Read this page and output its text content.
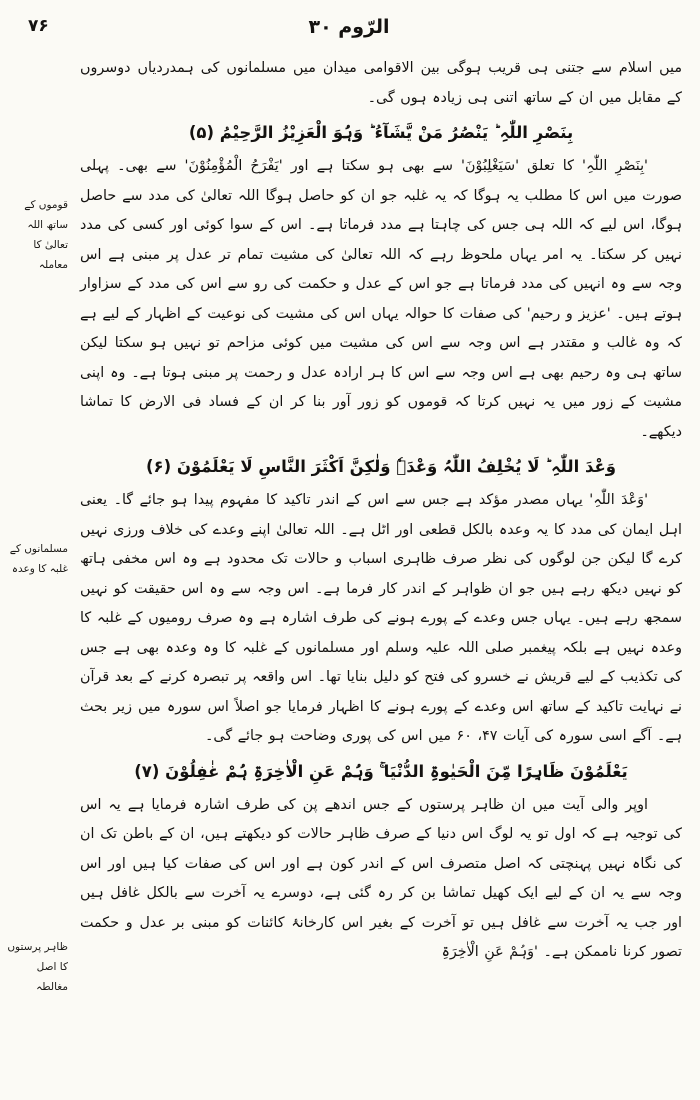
۷۶	الرّوم ۳۰
قوموں کے ساتھ اللہ تعالیٰ کا معاملہ
مسلمانوں کے غلبہ کا وعدہ
ظاہر پرستوں کا اصل مغالطہ

میں اسلام سے جتنی ہی قریب ہوگی بین الاقوامی میدان میں مسلمانوں کی ہمدردیاں دوسروں کے مقابل میں ان کے ساتھ اتنی ہی زیادہ ہوں گی۔

بِنَصْرِ اللّٰہِ ؕ یَنْصُرُ مَنْ یَّشَآءُ ؕ وَہُوَ الْعَزِیْزُ الرَّحِیْمُ (۵)

'بِنَصْرِ اللّٰہِ' کا تعلق 'سَیَغْلِبُوْنَ' سے بھی ہو سکتا ہے اور 'یَفْرَحُ الْمُؤْمِنُوْنَ' سے بھی۔ پہلی صورت میں اس کا مطلب یہ ہوگا کہ یہ غلبہ جو ان کو حاصل ہوگا اللہ تعالیٰ کی مدد سے حاصل ہوگا، اس لیے کہ اللہ ہی جس کی چاہتا ہے مدد فرماتا ہے۔ اس کے سوا کوئی اور کسی کی مدد نہیں کر سکتا۔ یہ امر یہاں ملحوظ رہے کہ اللہ تعالیٰ کی مشیت تمام تر عدل پر مبنی ہے اس وجہ سے وہ انہیں کی مدد فرماتا ہے جو اس کے عدل و حکمت کی رو سے اس کی مدد کے سزاوار ہوتے ہیں۔ 'عزیز و رحیم' کی صفات کا حوالہ یہاں اس کی مشیت کی نوعیت کے اظہار کے لیے ہے کہ وہ غالب و مقتدر ہے اس وجہ سے اس کی مشیت میں کوئی مزاحم تو نہیں ہو سکتا لیکن ساتھ ہی وہ رحیم بھی ہے اس وجہ سے اس کا ہر ارادہ عدل و رحمت پر مبنی ہوتا ہے۔ وہ اپنی مشیت کے زور میں یہ نہیں کرتا کہ قوموں کو زور آور بنا کر ان کے فساد فی الارض کا تماشا دیکھے۔

وَعْدَ اللّٰہِ ؕ لَا یُخْلِفُ اللّٰہُ وَعْدَہٗ وَلٰکِنَّ اَکْثَرَ النَّاسِ لَا یَعْلَمُوْنَ (۶)

'وَعْدَ اللّٰہِ' یہاں مصدر مؤکد ہے جس سے اس کے اندر تاکید کا مفہوم پیدا ہو جائے گا۔ یعنی اہل ایمان کی مدد کا یہ وعدہ بالکل قطعی اور اٹل ہے۔ اللہ تعالیٰ اپنے وعدے کی خلاف ورزی نہیں کرے گا لیکن جن لوگوں کی نظر صرف ظاہری اسباب و حالات تک محدود ہے وہ اس مخفی ہاتھ کو نہیں دیکھ رہے ہیں جو ان ظواہر کے اندر کار فرما ہے۔ اس وجہ سے وہ اس حقیقت کو نہیں سمجھ رہے ہیں۔ یہاں جس وعدے کے پورے ہونے کی طرف اشارہ ہے وہ صرف رومیوں کے غلبہ کا وعدہ نہیں ہے بلکہ پیغمبر صلی اللہ علیہ وسلم اور مسلمانوں کے غلبہ کا وہ وعدہ بھی ہے جس کی تکذیب کے لیے قریش نے خسرو کی فتح کو دلیل بنایا تھا۔ اس واقعہ پر تبصرہ کرنے کے بعد قرآن نے نہایت تاکید کے ساتھ اس وعدے کے پورے ہونے کا اظہار فرمایا جو اصلاً اس سورہ میں زیر بحث ہے۔ آگے اسی سورہ کی آیات ۴۷، ۶۰ میں اس کی پوری وضاحت ہو جائے گی۔

یَعْلَمُوْنَ ظَاہِرًا مِّنَ الْحَیٰوۃِ الدُّنْیَا ۚ وَہُمْ عَنِ الْاٰخِرَۃِ ہُمْ غٰفِلُوْنَ (۷)

اوپر والی آیت میں ان ظاہر پرستوں کے جس اندھے پن کی طرف اشارہ فرمایا ہے یہ اس کی توجیہ ہے کہ اول تو یہ لوگ اس دنیا کے صرف ظاہر حالات کو دیکھتے ہیں، ان کے باطن تک ان کی نگاہ نہیں پہنچتی کہ اصل متصرف اس کے اندر کون ہے اور اس کی صفات کیا ہیں اور اس وجہ سے یہ ان کے لیے ایک کھیل تماشا بن کر رہ گئی ہے، دوسرے یہ آخرت سے بالکل غافل ہیں اور جب یہ آخرت سے غافل ہیں تو آخرت کے بغیر اس کارخانۂ کائنات کو مبنی بر عدل و حکمت تصور کرنا ناممکن ہے۔ 'وَہُمْ عَنِ الْاٰخِرَۃِ
